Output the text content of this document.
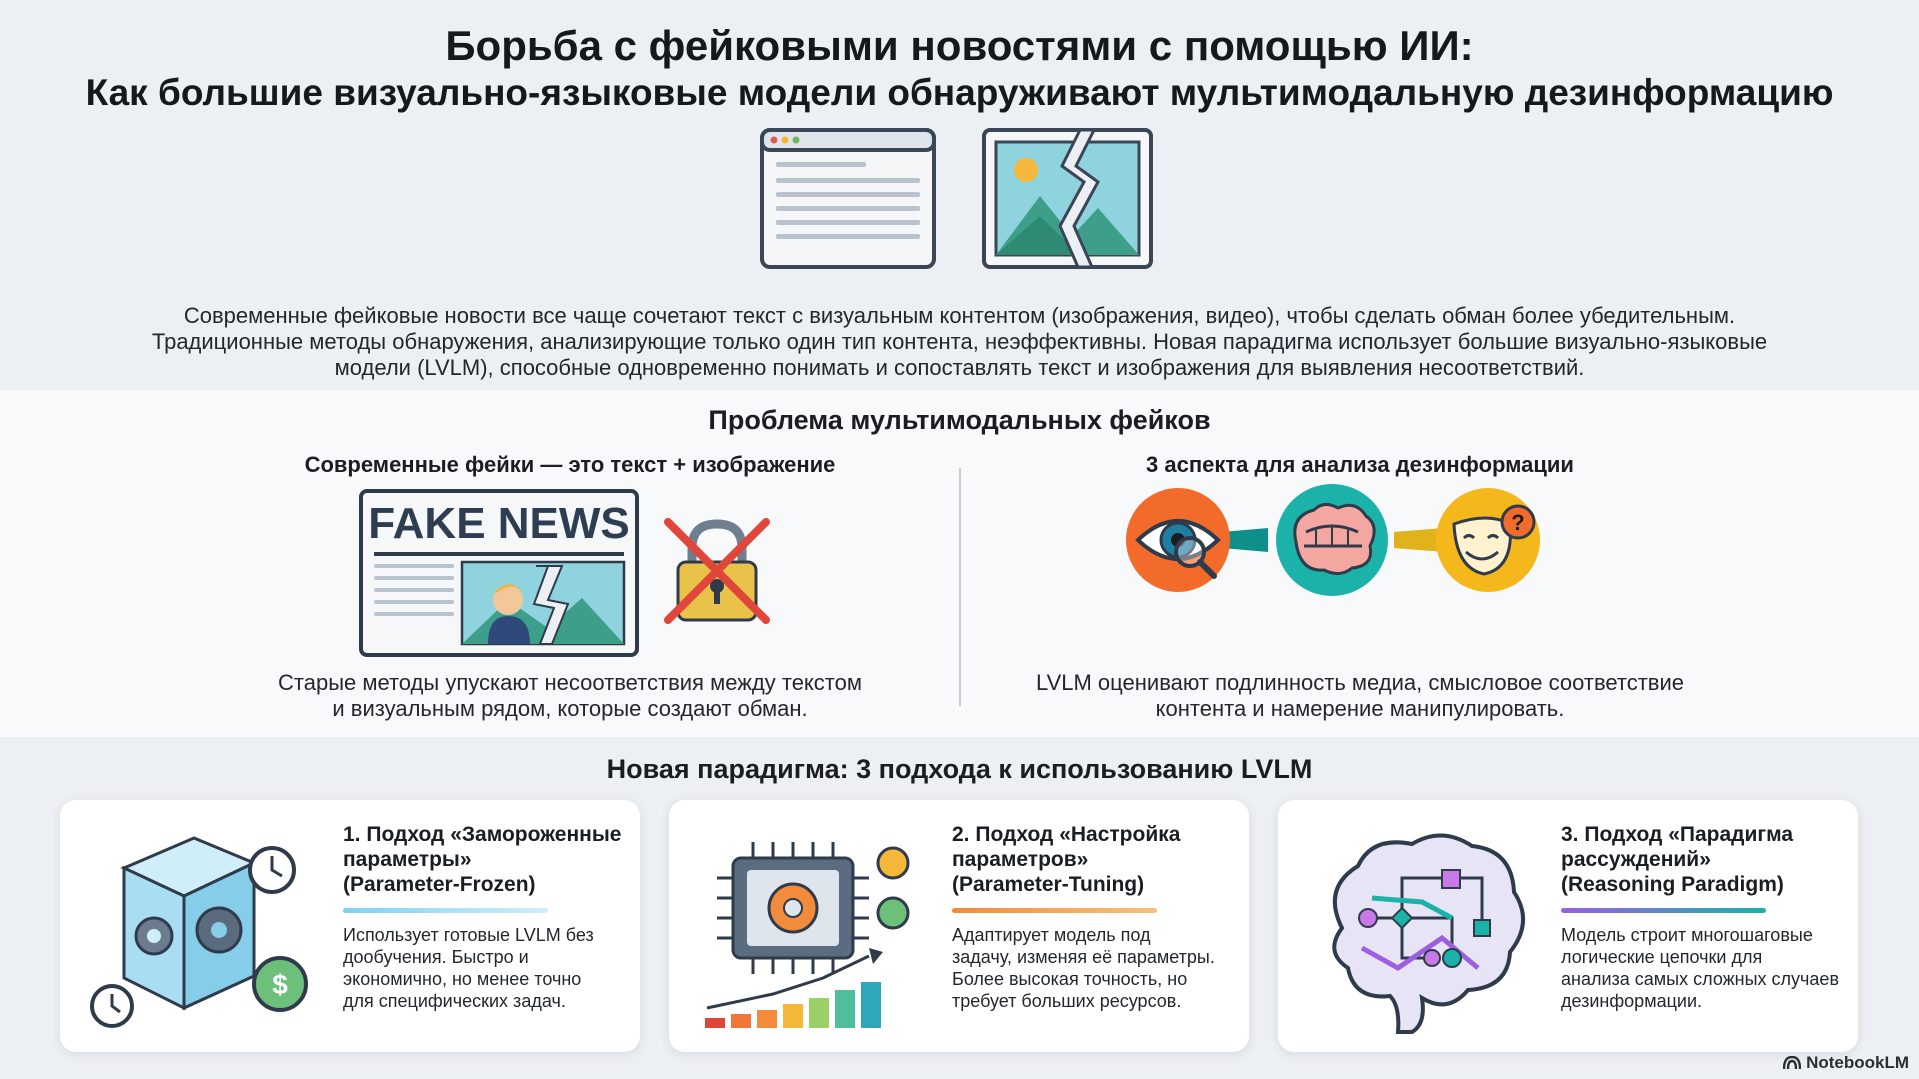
Борьба с фейковыми новостями с помощью ИИ:
Как большие визуально-языковые модели обнаруживают мультимодальную дезинформацию
Современные фейковые новости все чаще сочетают текст с визуальным контентом (изображения, видео), чтобы сделать обман более убедительным.
Традиционные методы обнаружения, анализирующие только один тип контента, неэффективны. Новая парадигма использует большие визуально-языковые
модели (LVLM), способные одновременно понимать и сопоставлять текст и изображения для выявления несоответствий.
Проблема мультимодальных фейков
Современные фейки — это текст + изображение
FAKE NEWS
Старые методы упускают несоответствия между текстом
и визуальным рядом, которые создают обман.
3 аспекта для анализа дезинформации
?
LVLM оценивают подлинность медиа, смысловое соответствие
контента и намерение манипулировать.
Новая парадигма: 3 подхода к использованию LVLM
$
1. Подход «Замороженные
параметры»
(Parameter-Frozen)
Использует готовые LVLM без
дообучения. Быстро и
экономично, но менее точно
для специфических задач.
2. Подход «Настройка
параметров»
(Parameter-Tuning)
Адаптирует модель под
задачу, изменяя её параметры.
Более высокая точность, но
требует больших ресурсов.
3. Подход «Парадигма
рассуждений»
(Reasoning Paradigm)
Модель строит многошаговые
логические цепочки для
анализа самых сложных случаев
дезинформации.
NotebookLM
